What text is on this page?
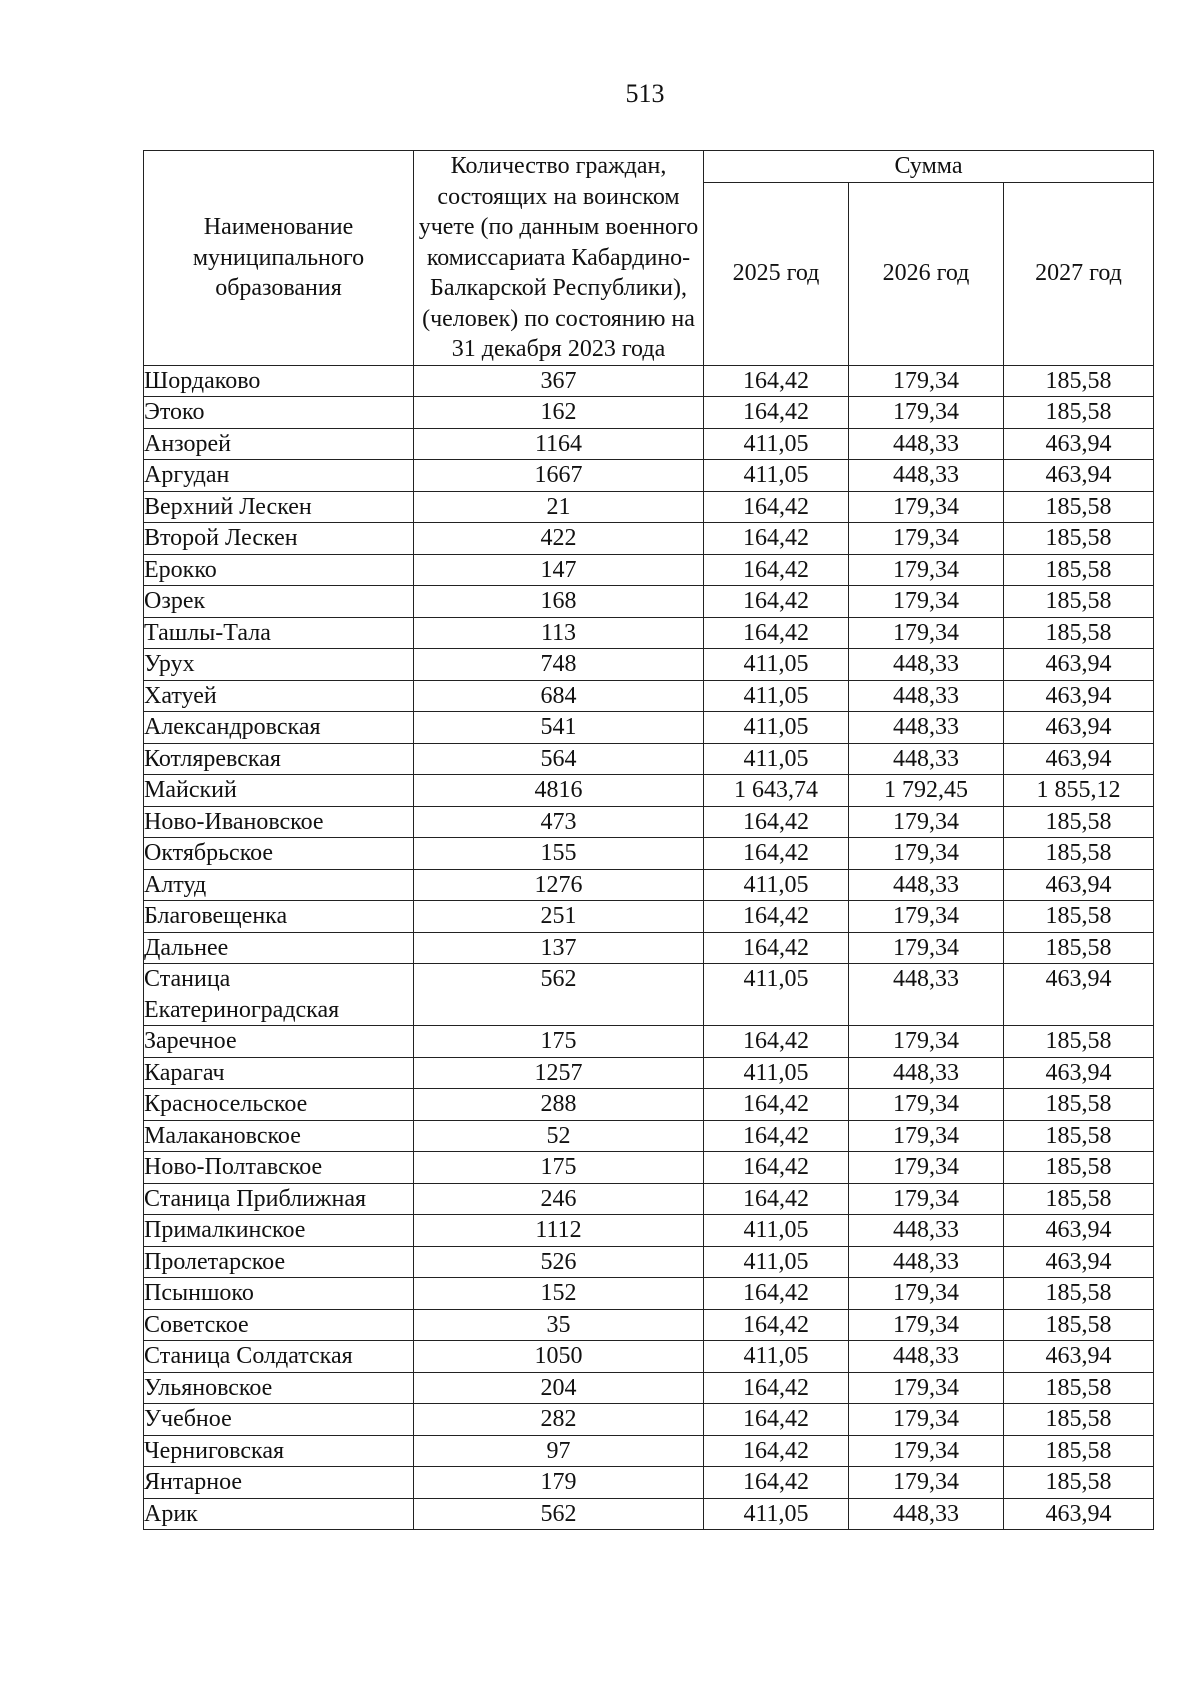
513
Наименование муниципального образования	Количество граждан, состоящих на воинском учете (по данным военного комиссариата Кабардино-Балкарской Республики), (человек) по состоянию на 31 декабря 2023 года	Сумма		
		2025 год	2026 год	2027 год
Шордаково	367	164,42	179,34	185,58
Этоко	162	164,42	179,34	185,58
Анзорей	1164	411,05	448,33	463,94
Аргудан	1667	411,05	448,33	463,94
Верхний Лескен	21	164,42	179,34	185,58
Второй Лескен	422	164,42	179,34	185,58
Ерокко	147	164,42	179,34	185,58
Озрек	168	164,42	179,34	185,58
Ташлы-Тала	113	164,42	179,34	185,58
Урух	748	411,05	448,33	463,94
Хатуей	684	411,05	448,33	463,94
Александровская	541	411,05	448,33	463,94
Котляревская	564	411,05	448,33	463,94
Майский	4816	1 643,74	1 792,45	1 855,12
Ново-Ивановское	473	164,42	179,34	185,58
Октябрьское	155	164,42	179,34	185,58
Алтуд	1276	411,05	448,33	463,94
Благовещенка	251	164,42	179,34	185,58
Дальнее	137	164,42	179,34	185,58
Станица Екатериноградская	562	411,05	448,33	463,94
Заречное	175	164,42	179,34	185,58
Карагач	1257	411,05	448,33	463,94
Красносельское	288	164,42	179,34	185,58
Малакановское	52	164,42	179,34	185,58
Ново-Полтавское	175	164,42	179,34	185,58
Станица Приближная	246	164,42	179,34	185,58
Прималкинское	1112	411,05	448,33	463,94
Пролетарское	526	411,05	448,33	463,94
Псыншоко	152	164,42	179,34	185,58
Советское	35	164,42	179,34	185,58
Станица Солдатская	1050	411,05	448,33	463,94
Ульяновское	204	164,42	179,34	185,58
Учебное	282	164,42	179,34	185,58
Черниговская	97	164,42	179,34	185,58
Янтарное	179	164,42	179,34	185,58
Арик	562	411,05	448,33	463,94
